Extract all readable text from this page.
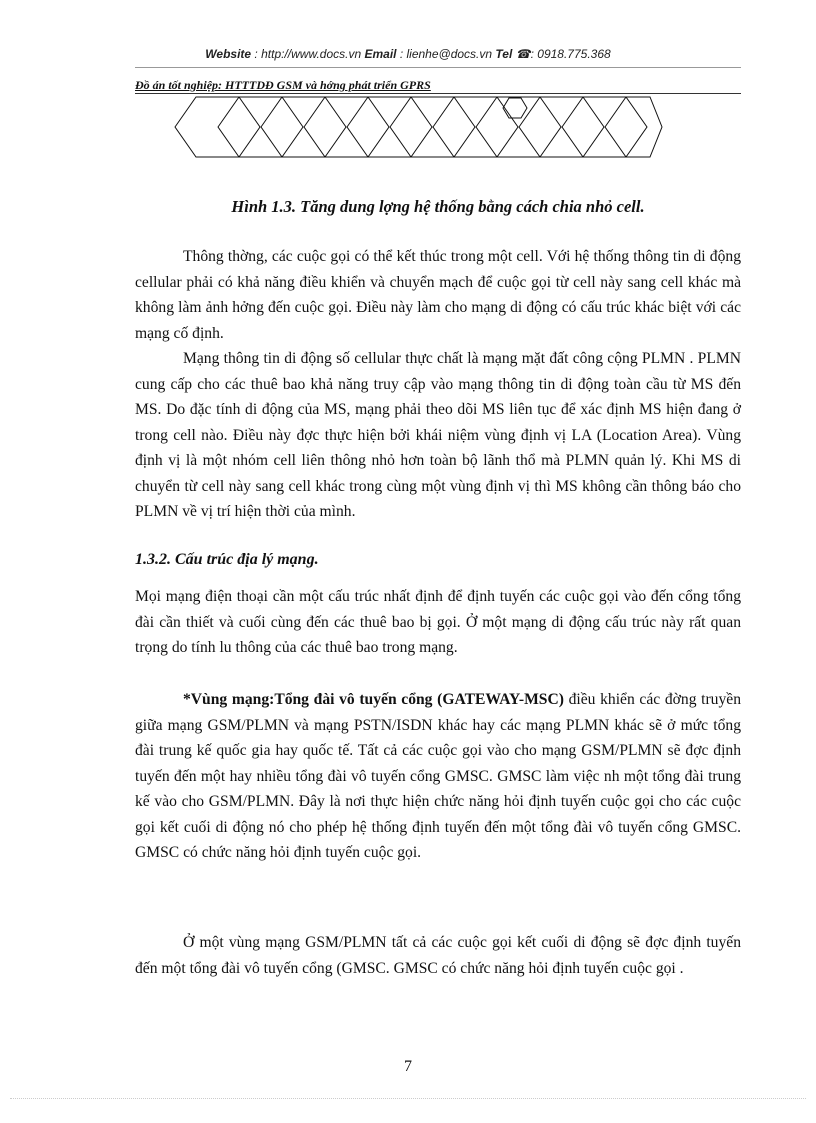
Website : http://www.docs.vn Email : lienhe@docs.vn Tel ☎: 0918.775.368
Đồ án tốt nghiệp: HTTTDĐ GSM và hớng phát triển GPRS
Hình 1.3. Tăng dung lợng hệ thống bằng cách chia nhỏ cell.
Thông thờng, các cuộc gọi có thể kết thúc trong một cell. Với hệ thống thông tin di động cellular phải có khả năng điều khiển và chuyển mạch để cuộc gọi từ cell này sang cell khác mà không làm ảnh hởng đến cuộc gọi. Điều này làm cho mạng di động có cấu trúc khác biệt với các mạng cố định.
Mạng thông tin di động số cellular thực chất là mạng mặt đất công cộng PLMN . PLMN cung cấp cho các thuê bao khả năng truy cập vào mạng thông tin di động toàn cầu từ MS đến MS. Do đặc tính di động của MS, mạng phải theo dõi MS liên tục để xác định MS hiện đang ở trong cell nào. Điều này đợc thực hiện bởi khái niệm vùng định vị LA (Location Area). Vùng định vị là một nhóm cell liên thông nhỏ hơn toàn bộ lãnh thổ mà PLMN quản lý. Khi MS di chuyển từ cell này sang cell khác trong cùng một vùng định vị thì MS không cần thông báo cho PLMN về vị trí hiện thời của mình.
1.3.2. Cấu trúc địa lý mạng.
Mọi mạng điện thoại cần một cấu trúc nhất định để định tuyến các cuộc gọi vào đến cổng tổng đài cần thiết và cuối cùng đến các thuê bao bị gọi. Ở một mạng di động cấu trúc này rất quan trọng do tính lu thông của các thuê bao trong mạng.
*Vùng mạng:Tổng đài vô tuyến cổng (GATEWAY-MSC) điều khiển các đờng truyền giữa mạng GSM/PLMN và mạng PSTN/ISDN khác hay các mạng PLMN khác sẽ ở mức tổng đài trung kế quốc gia hay quốc tế. Tất cả các cuộc gọi vào cho mạng GSM/PLMN sẽ đợc định tuyến đến một hay nhiều tổng đài vô tuyến cổng GMSC. GMSC làm việc nh một tổng đài trung kế vào cho GSM/PLMN. Đây là nơi thực hiện chức năng hỏi định tuyến cuộc gọi cho các cuộc gọi kết cuối di động nó cho phép hệ thống định tuyến đến một tổng đài vô tuyến cổng GMSC. GMSC có chức năng hỏi định tuyến cuộc gọi.
Ở một vùng mạng GSM/PLMN tất cả các cuộc gọi kết cuối di động sẽ đợc định tuyến đến một tổng đài vô tuyến cổng (GMSC. GMSC có chức năng hỏi định tuyến cuộc gọi .
7
